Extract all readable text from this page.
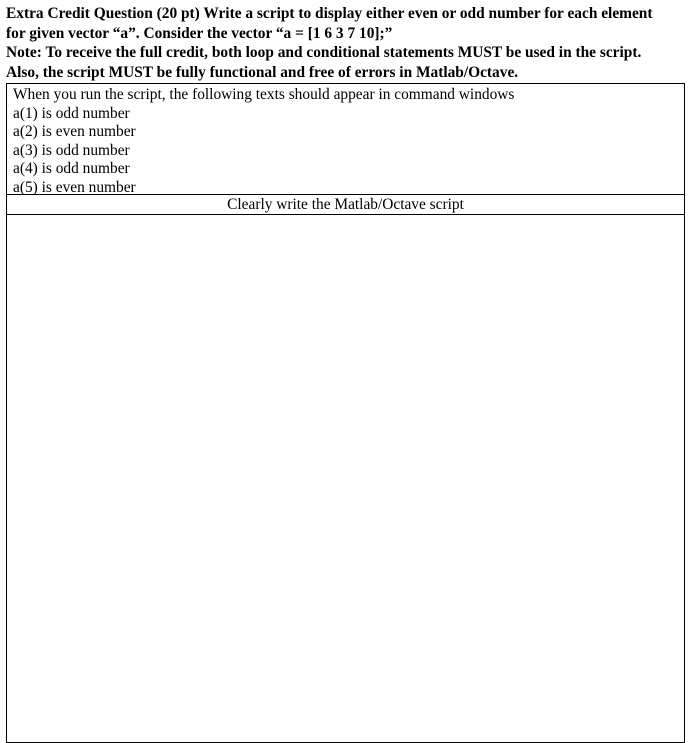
Extra Credit Question (20 pt) Write a script to display either even or odd number for each element
for given vector “a”. Consider the vector “a = [1 6 3 7 10];”
Note: To receive the full credit, both loop and conditional statements MUST be used in the script.
Also, the script MUST be fully functional and free of errors in Matlab/Octave.
When you run the script, the following texts should appear in command windows
a(1) is odd number
a(2) is even number
a(3) is odd number
a(4) is odd number
a(5) is even number
Clearly write the Matlab/Octave script
